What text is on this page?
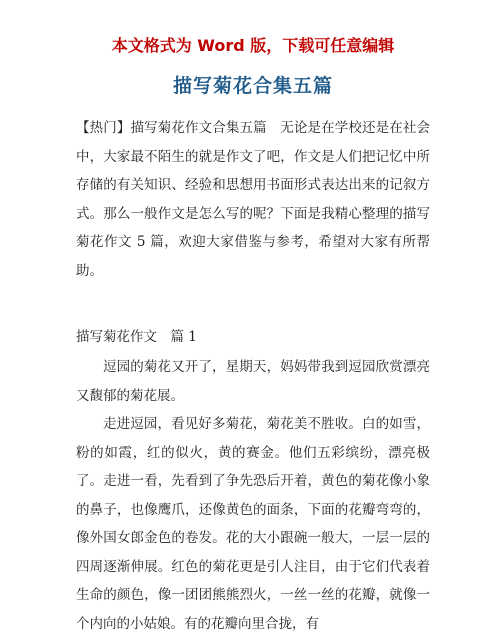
本文格式为 Word 版，下载可任意编辑
描写菊花合集五篇
【热门】描写菊花作文合集五篇　无论是在学校还是在社会中，大家最不陌生的就是作文了吧，作文是人们把记忆中所存储的有关知识、经验和思想用书面形式表达出来的记叙方式。那么一般作文是怎么写的呢？下面是我精心整理的描写菊花作文 5 篇，欢迎大家借鉴与参考，希望对大家有所帮助。
描写菊花作文　篇 1

逗园的菊花又开了，星期天，妈妈带我到逗园欣赏漂亮又馥郁的菊花展。

走进逗园，看见好多菊花，菊花美不胜收。白的如雪，粉的如霞，红的似火，黄的赛金。他们五彩缤纷，漂亮极了。走进一看，先看到了争先恐后开着，黄色的菊花像小象的鼻子，也像鹰爪，还像黄色的面条，下面的花瓣弯弯的，像外国女郎金色的卷发。花的大小跟碗一般大，一层一层的四周逐渐伸展。红色的菊花更是引人注目，由于它们代表着生命的颜色，像一团团熊熊烈火，一丝一丝的花瓣，就像一个内向的小姑娘。有的花瓣向里合拢，有
